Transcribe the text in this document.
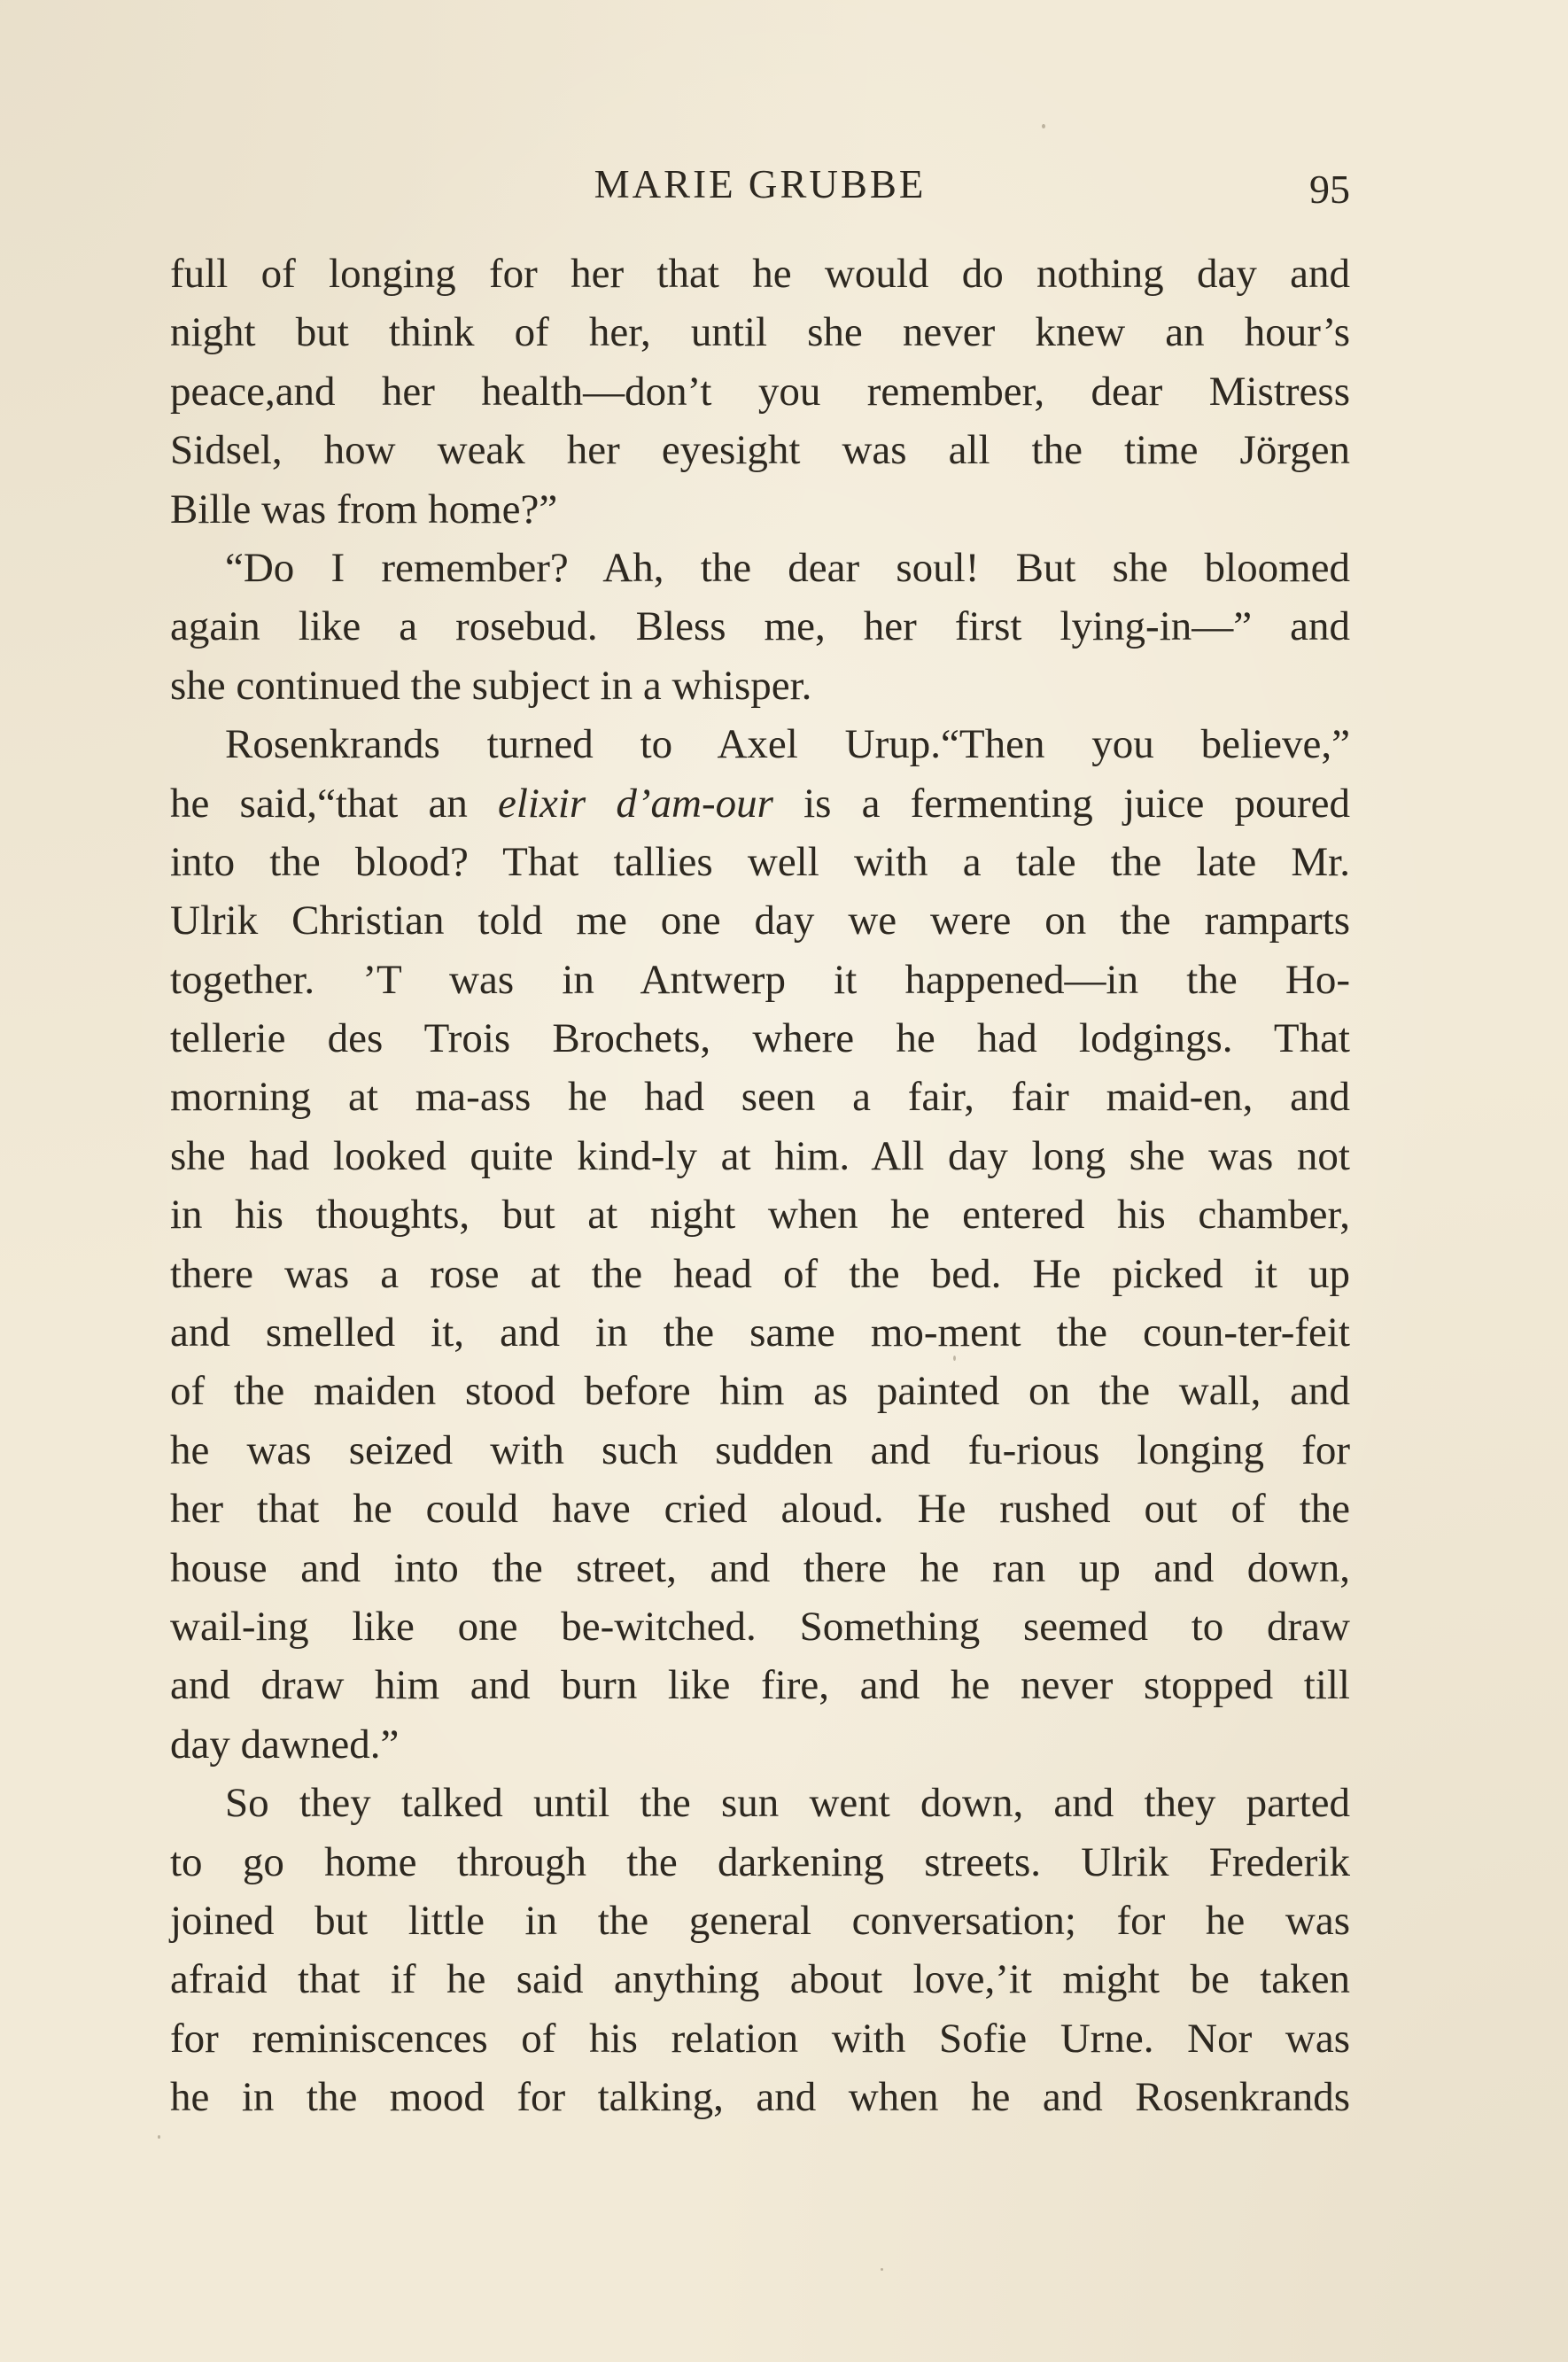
MARIE GRUBBE	95
full of longing for her that he would do nothing day and
night but think of her, until she never knew an hour’s
peace,and her health—don’t you remember, dear Mistress
Sidsel, how weak her eyesight was all the time Jörgen
Bille was from home?”
“Do I remember? Ah, the dear soul! But she bloomed
again like a rosebud. Bless me, her first lying-in—” and
she continued the subject in a whisper.
Rosenkrands turned to Axel Urup.“Then you believe,”
he said,“that an elixir d’am-our is a fermenting juice poured
into the blood? That tallies well with a tale the late Mr.
Ulrik Christian told me one day we were on the ramparts
together. ’T was in Antwerp it happened—in the Ho-
tellerie des Trois Brochets, where he had lodgings. That
morning at ma-ass he had seen a fair, fair maid-en, and
she had looked quite kind-ly at him. All day long she was not
in his thoughts, but at night when he entered his chamber,
there was a rose at the head of the bed. He picked it up
and smelled it, and in the same mo-ment the coun-ter-feit
of the maiden stood before him as painted on the wall, and
he was seized with such sudden and fu-rious longing for
her that he could have cried aloud. He rushed out of the
house and into the street, and there he ran up and down,
wail-ing like one be-witched. Something seemed to draw
and draw him and burn like fire, and he never stopped till
day dawned.”
So they talked until the sun went down, and they parted
to go home through the darkening streets. Ulrik Frederik
joined but little in the general conversation; for he was
afraid that if he said anything about love,’it might be taken
for reminiscences of his relation with Sofie Urne. Nor was
he in the mood for talking, and when he and Rosenkrands
